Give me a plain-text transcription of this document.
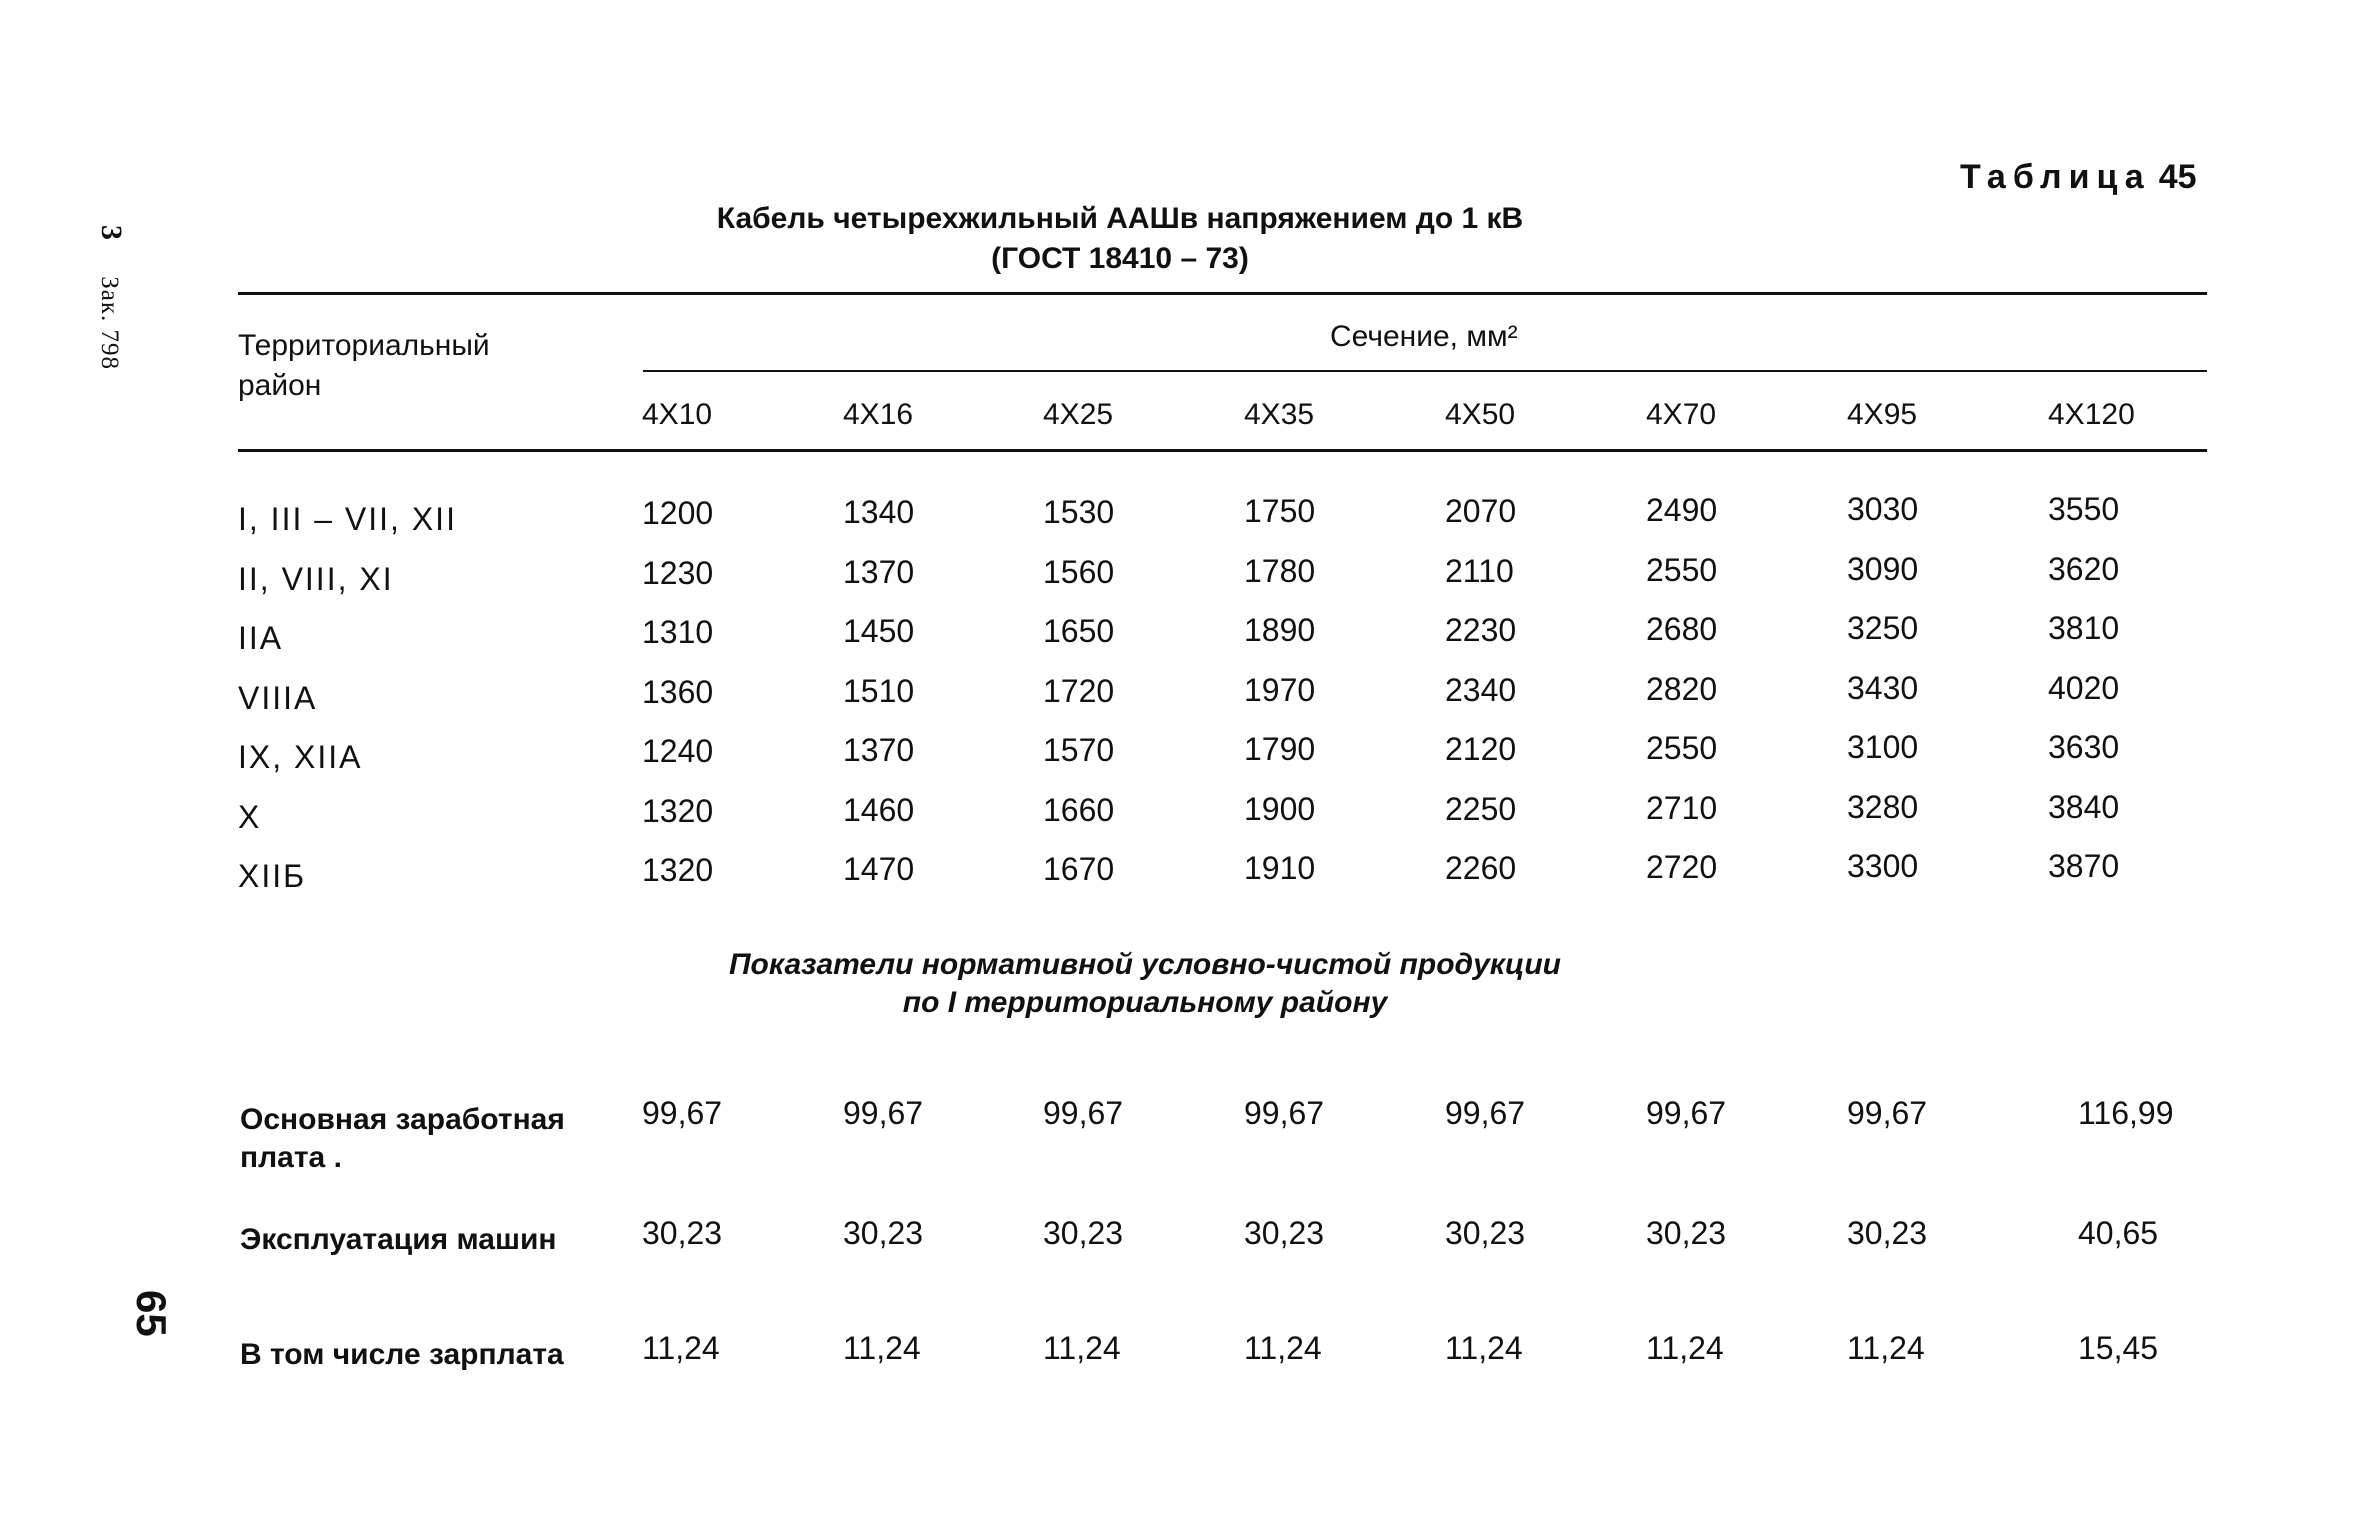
3 Зак. 798
65
Таблица 45
Кабель четырехжильный ААШв напряжением до 1 кВ
(ГОСТ 18410 – 73)
Территориальный район
Сечение, мм²
4X10	4X16	4X25	4X35	4X50	4X70	4X95	4X120
I, III – VII, XII	1200	1340	1530	1750	2070	2490	3030	3550
II, VIII, XI	1230	1370	1560	1780	2110	2550	3090	3620
IIA	1310	1450	1650	1890	2230	2680	3250	3810
VIIIA	1360	1510	1720	1970	2340	2820	3430	4020
IX, XIIA	1240	1370	1570	1790	2120	2550	3100	3630
X	1320	1460	1660	1900	2250	2710	3280	3840
XIIБ	1320	1470	1670	1910	2260	2720	3300	3870
Показатели нормативной условно-чистой продукции
по I территориальному району
Основная заработная плата .
99,67	99,67	99,67	99,67	99,67	99,67	99,67	116,99
Эксплуатация машин	30,23	30,23	30,23	30,23	30,23	30,23	30,23	40,65
В том числе зарплата	11,24	11,24	11,24	11,24	11,24	11,24	11,24	15,45
